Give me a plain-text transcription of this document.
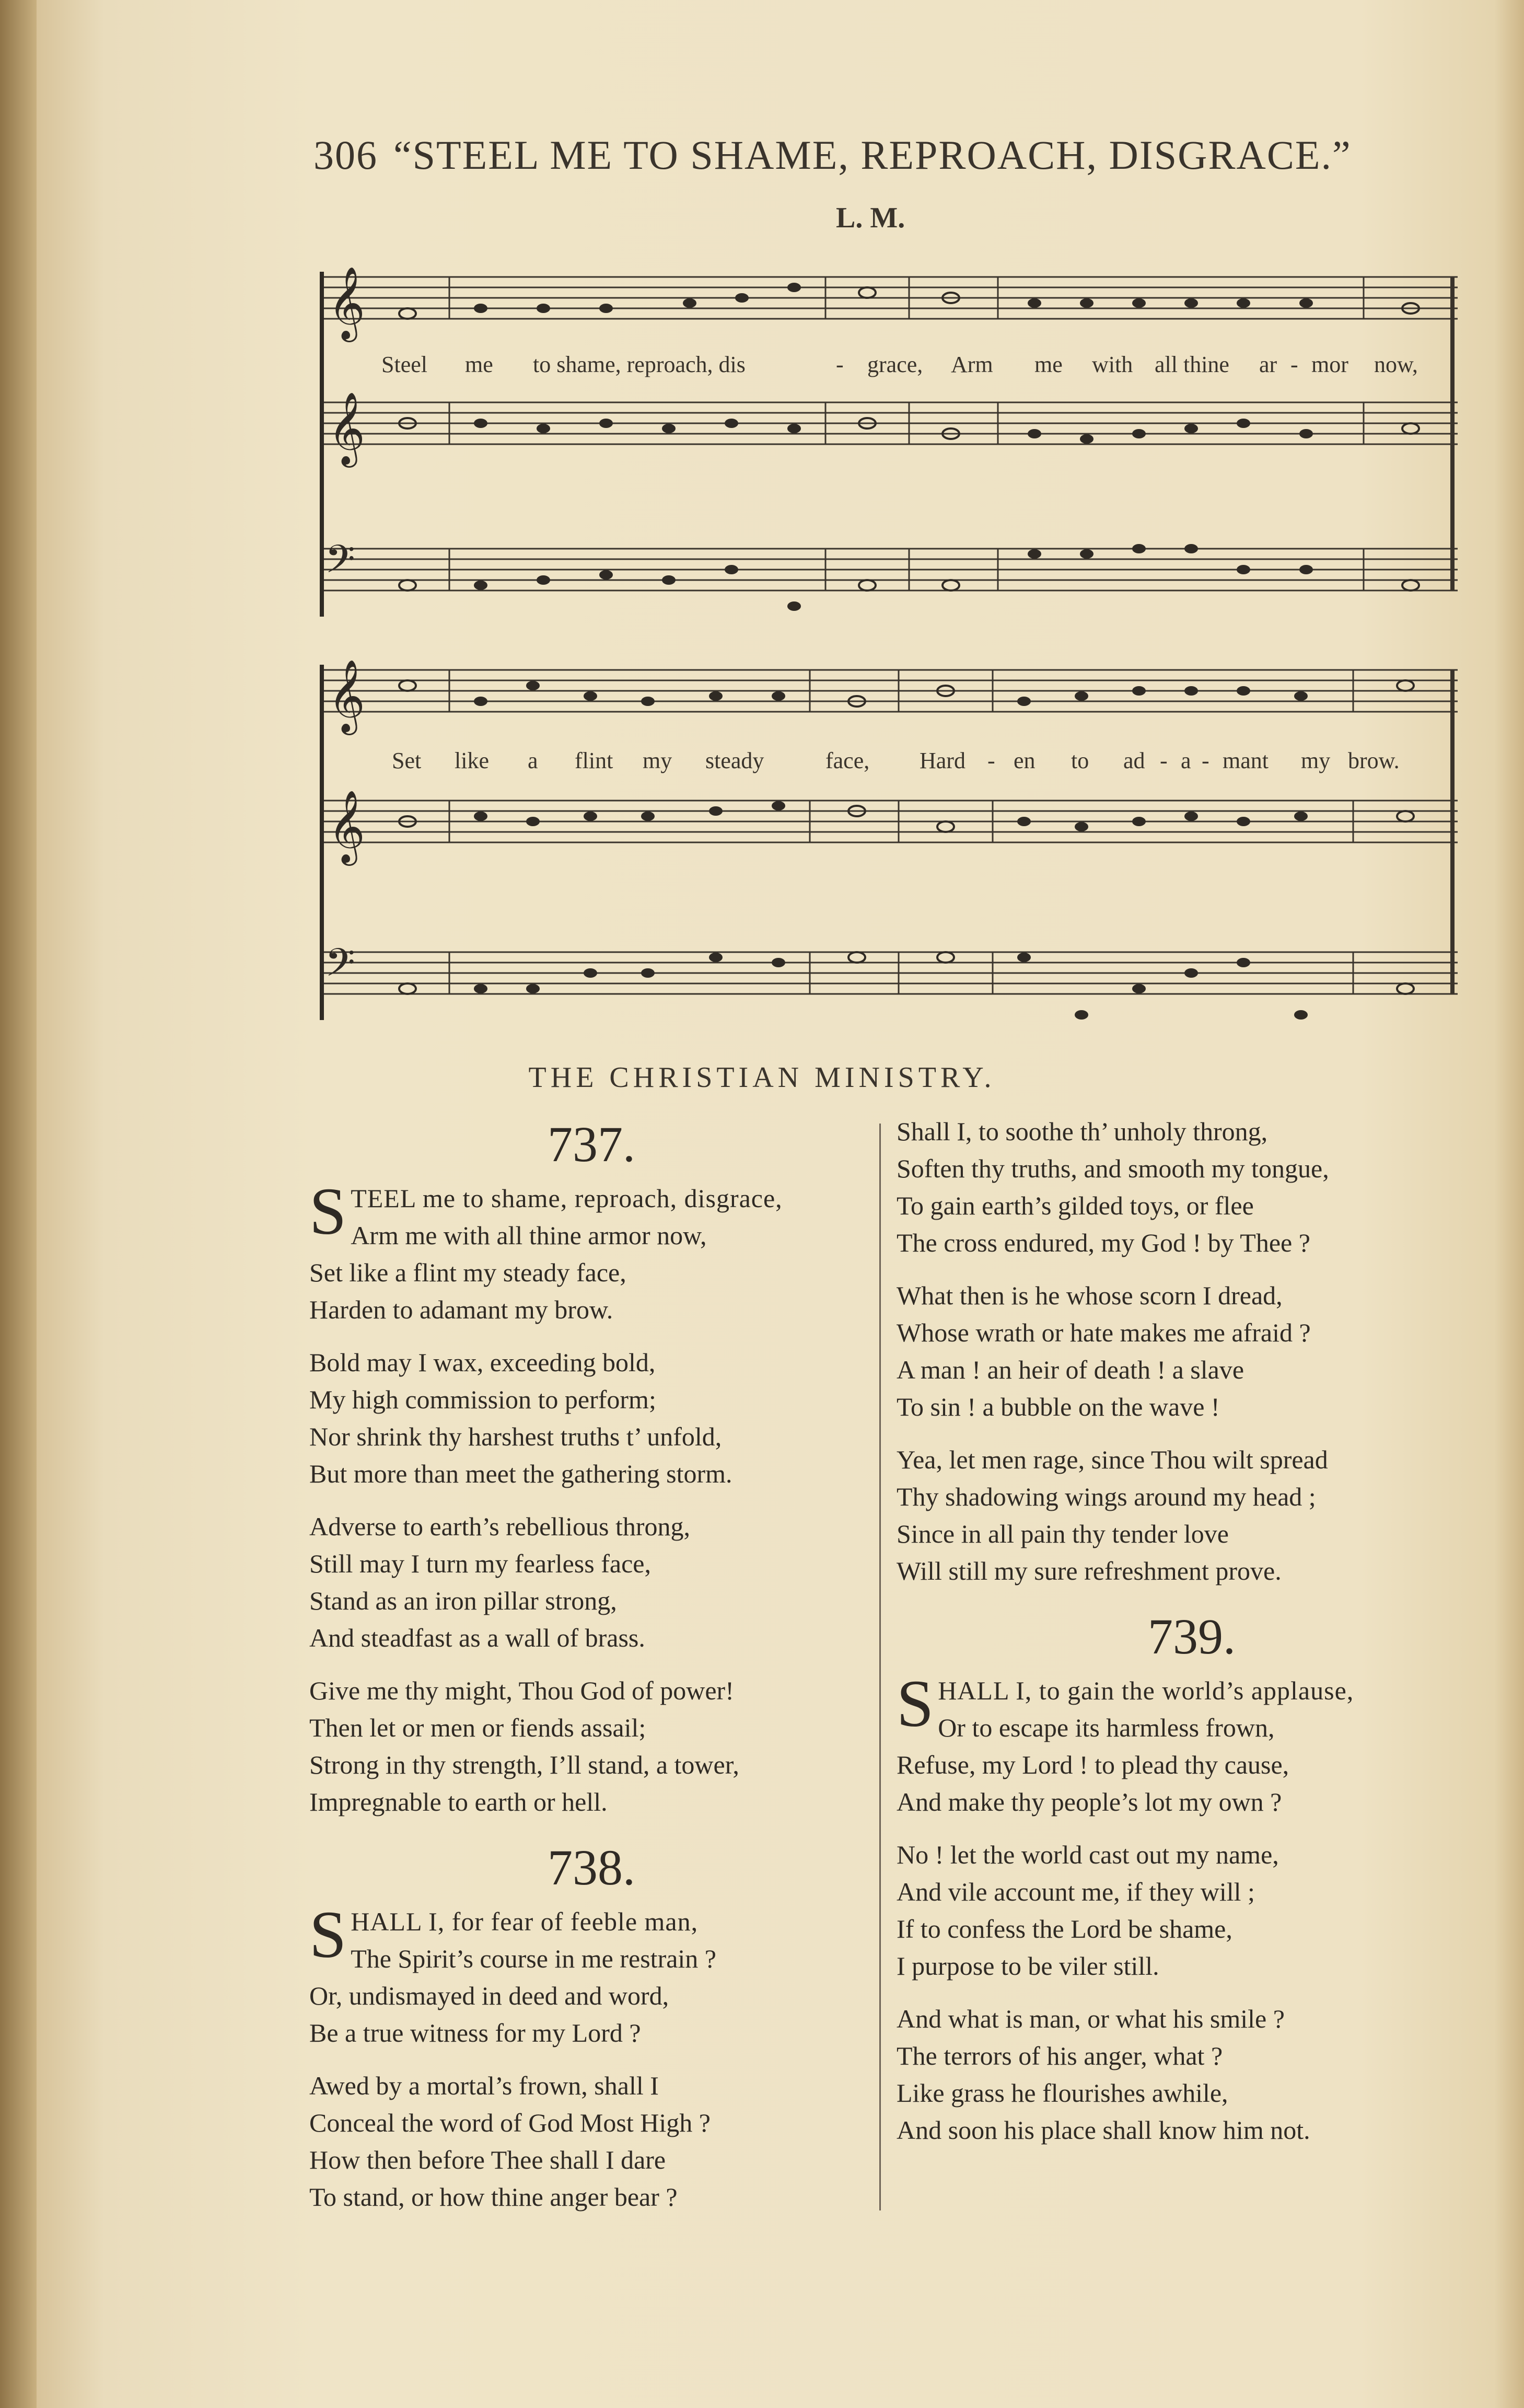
306 “STEEL ME TO SHAME, REPROACH, DISGRACE.”
L. M.
𝄞
𝄞
𝄢
Steel me to shame, reproach, dis	- grace, Arm me with all thine ar - mor now,
𝄞
𝄞
𝄢
Set like a flint my steady	face, Hard - en to ad - a - mant my brow.
THE CHRISTIAN MINISTRY.
737.
S TEEL me to shame, reproach, disgrace,
Arm me with all thine armor now,
Set like a flint my steady face,
Harden to adamant my brow.
Bold may I wax, exceeding bold,
My high commission to perform;
Nor shrink thy harshest truths t’ unfold,
But more than meet the gathering storm.
Adverse to earth’s rebellious throng,
Still may I turn my fearless face,
Stand as an iron pillar strong,
And steadfast as a wall of brass.
Give me thy might, Thou God of power!
Then let or men or fiends assail;
Strong in thy strength, I’ll stand, a tower,
Impregnable to earth or hell.
738.
S HALL I, for fear of feeble man,
The Spirit’s course in me restrain ?
Or, undismayed in deed and word,
Be a true witness for my Lord ?
Awed by a mortal’s frown, shall I
Conceal the word of God Most High ?
How then before Thee shall I dare
To stand, or how thine anger bear ?
Shall I, to soothe th’ unholy throng,
Soften thy truths, and smooth my tongue,
To gain earth’s gilded toys, or flee
The cross endured, my God ! by Thee ?
What then is he whose scorn I dread,
Whose wrath or hate makes me afraid ?
A man ! an heir of death ! a slave
To sin ! a bubble on the wave !
Yea, let men rage, since Thou wilt spread
Thy shadowing wings around my head ;
Since in all pain thy tender love
Will still my sure refreshment prove.
739.
S HALL I, to gain the world’s applause,
Or to escape its harmless frown,
Refuse, my Lord ! to plead thy cause,
And make thy people’s lot my own ?
No ! let the world cast out my name,
And vile account me, if they will ;
If to confess the Lord be shame,
I purpose to be viler still.
And what is man, or what his smile ?
The terrors of his anger, what ?
Like grass he flourishes awhile,
And soon his place shall know him not.
